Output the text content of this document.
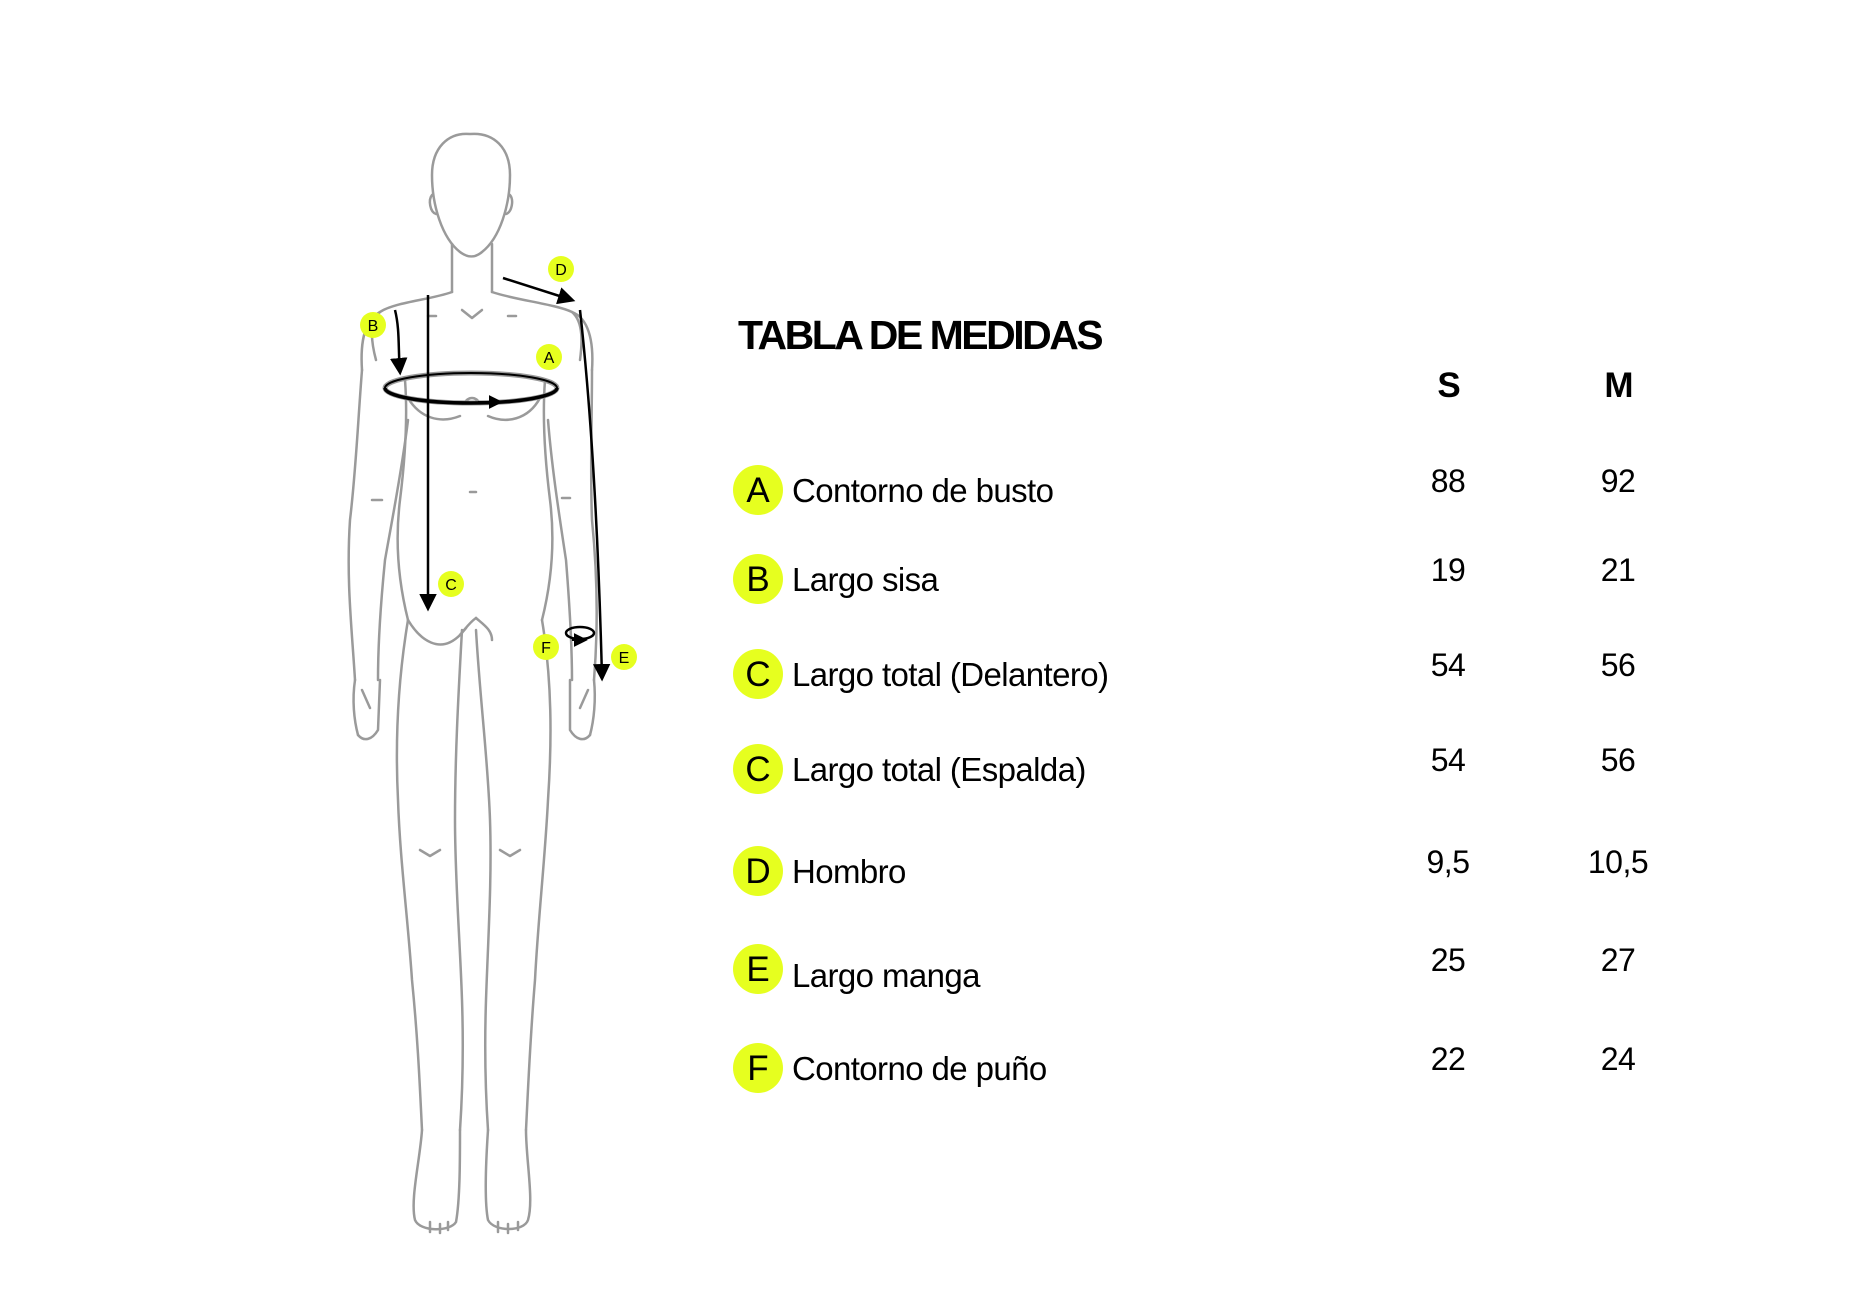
A
B
C
D
E
F
TABLA DE MEDIDAS
S	M
A Contorno de busto	88	92
B Largo sisa	19	21
C Largo total (Delantero)	54	56
C Largo total (Espalda)	54	56
D Hombro	9,5	10,5
E Largo manga	25	27
F Contorno de puño	22	24
